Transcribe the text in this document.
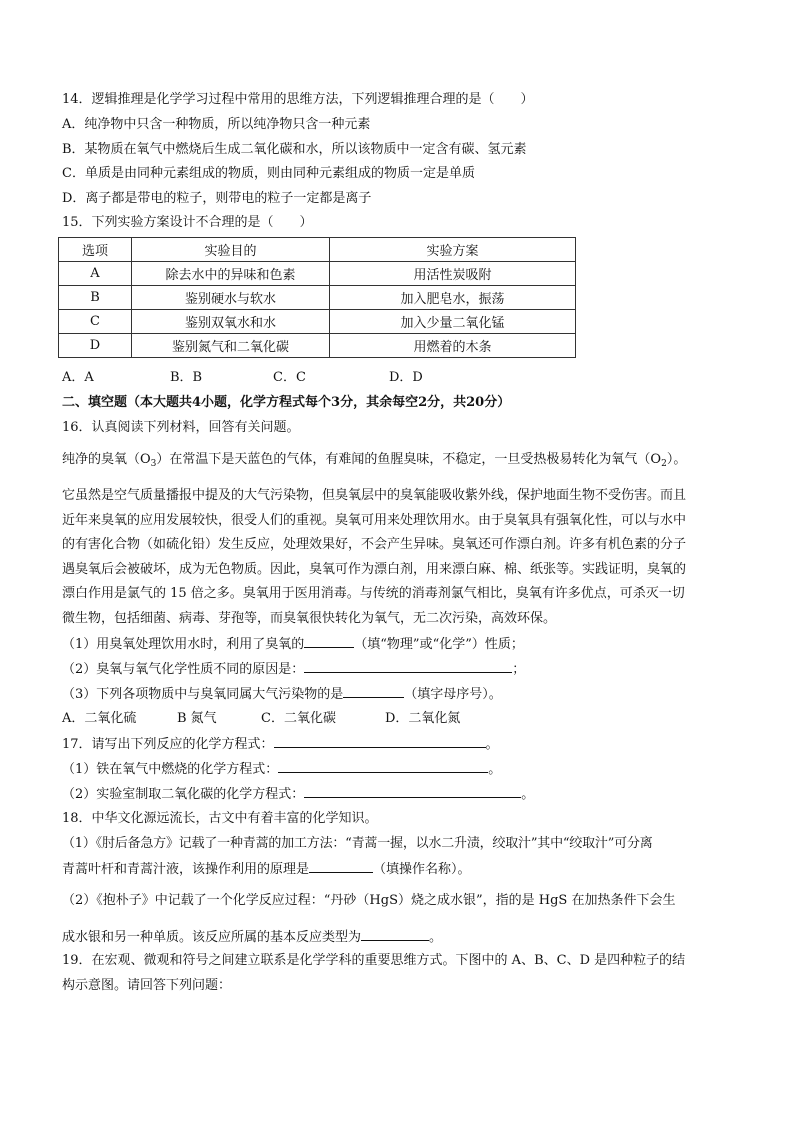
14．逻辑推理是化学学习过程中常用的思维方法，下列逻辑推理合理的是（　　）
A．纯净物中只含一种物质，所以纯净物只含一种元素
B．某物质在氧气中燃烧后生成二氧化碳和水，所以该物质中一定含有碳、氢元素
C．单质是由同种元素组成的物质，则由同种元素组成的物质一定是单质
D．离子都是带电的粒子，则带电的粒子一定都是离子
15．下列实验方案设计不合理的是（　　）
选项	实验目的	实验方案
A	除去水中的异味和色素	用活性炭吸附
B	鉴别硬水与软水	加入肥皂水，振荡
C	鉴别双氧水和水	加入少量二氧化锰
D	鉴别氮气和二氧化碳	用燃着的木条
A．A	B．B	C．C	D．D
二、填空题（本大题共4小题，化学方程式每个3分，其余每空2分，共20分）
16．认真阅读下列材料，回答有关问题。
纯净的臭氧$(O_3)$在常温下是天蓝色的气体，有难闻的鱼腥臭味，不稳定，一旦受热极易转化为氧气$(O_2)$。
它虽然是空气质量播报中提及的大气污染物，但臭氧层中的臭氧能吸收紫外线，保护地面生物不受伤害。而且
近年来臭氧的应用发展较快，很受人们的重视。臭氧可用来处理饮用水。由于臭氧具有强氧化性，可以与水中
的有害化合物（如硫化铅）发生反应，处理效果好，不会产生异味。臭氧还可作漂白剂。许多有机色素的分子
遇臭氧后会被破坏，成为无色物质。因此，臭氧可作为漂白剂，用来漂白麻、棉、纸张等。实践证明，臭氧的
漂白作用是氯气的 15 倍之多。臭氧用于医用消毒。与传统的消毒剂氯气相比，臭氧有许多优点，可杀灭一切
微生物，包括细菌、病毒、芽孢等，而臭氧很快转化为氧气，无二次污染，高效环保。
（1）用臭氧处理饮用水时，利用了臭氧的	（填“物理”或“化学”）性质；
（2）臭氧与氧气化学性质不同的原因是：	；
（3）下列各项物质中与臭氧同属大气污染物的是	（填字母序号）。
A．二氧化硫	B 氮气	C．二氧化碳	D．二氧化氮
17．请写出下列反应的化学方程式：	。
（1）铁在氧气中燃烧的化学方程式：	。
（2）实验室制取二氧化碳的化学方程式：	。
18．中华文化源远流长，古文中有着丰富的化学知识。
（1）《肘后备急方》记载了一种青蒿的加工方法：“青蒿一握，以水二升渍，绞取汁”其中“绞取汁”可分离
青蒿叶杆和青蒿汁液，该操作利用的原理是	（填操作名称）。
（2）《抱朴子》中记载了一个化学反应过程：“丹砂（HgS）烧之成水银”，指的是 HgS 在加热条件下会生
成水银和另一种单质。该反应所属的基本反应类型为	。
19．在宏观、微观和符号之间建立联系是化学学科的重要思维方式。下图中的 A、B、C、D 是四种粒子的结
构示意图。请回答下列问题：
